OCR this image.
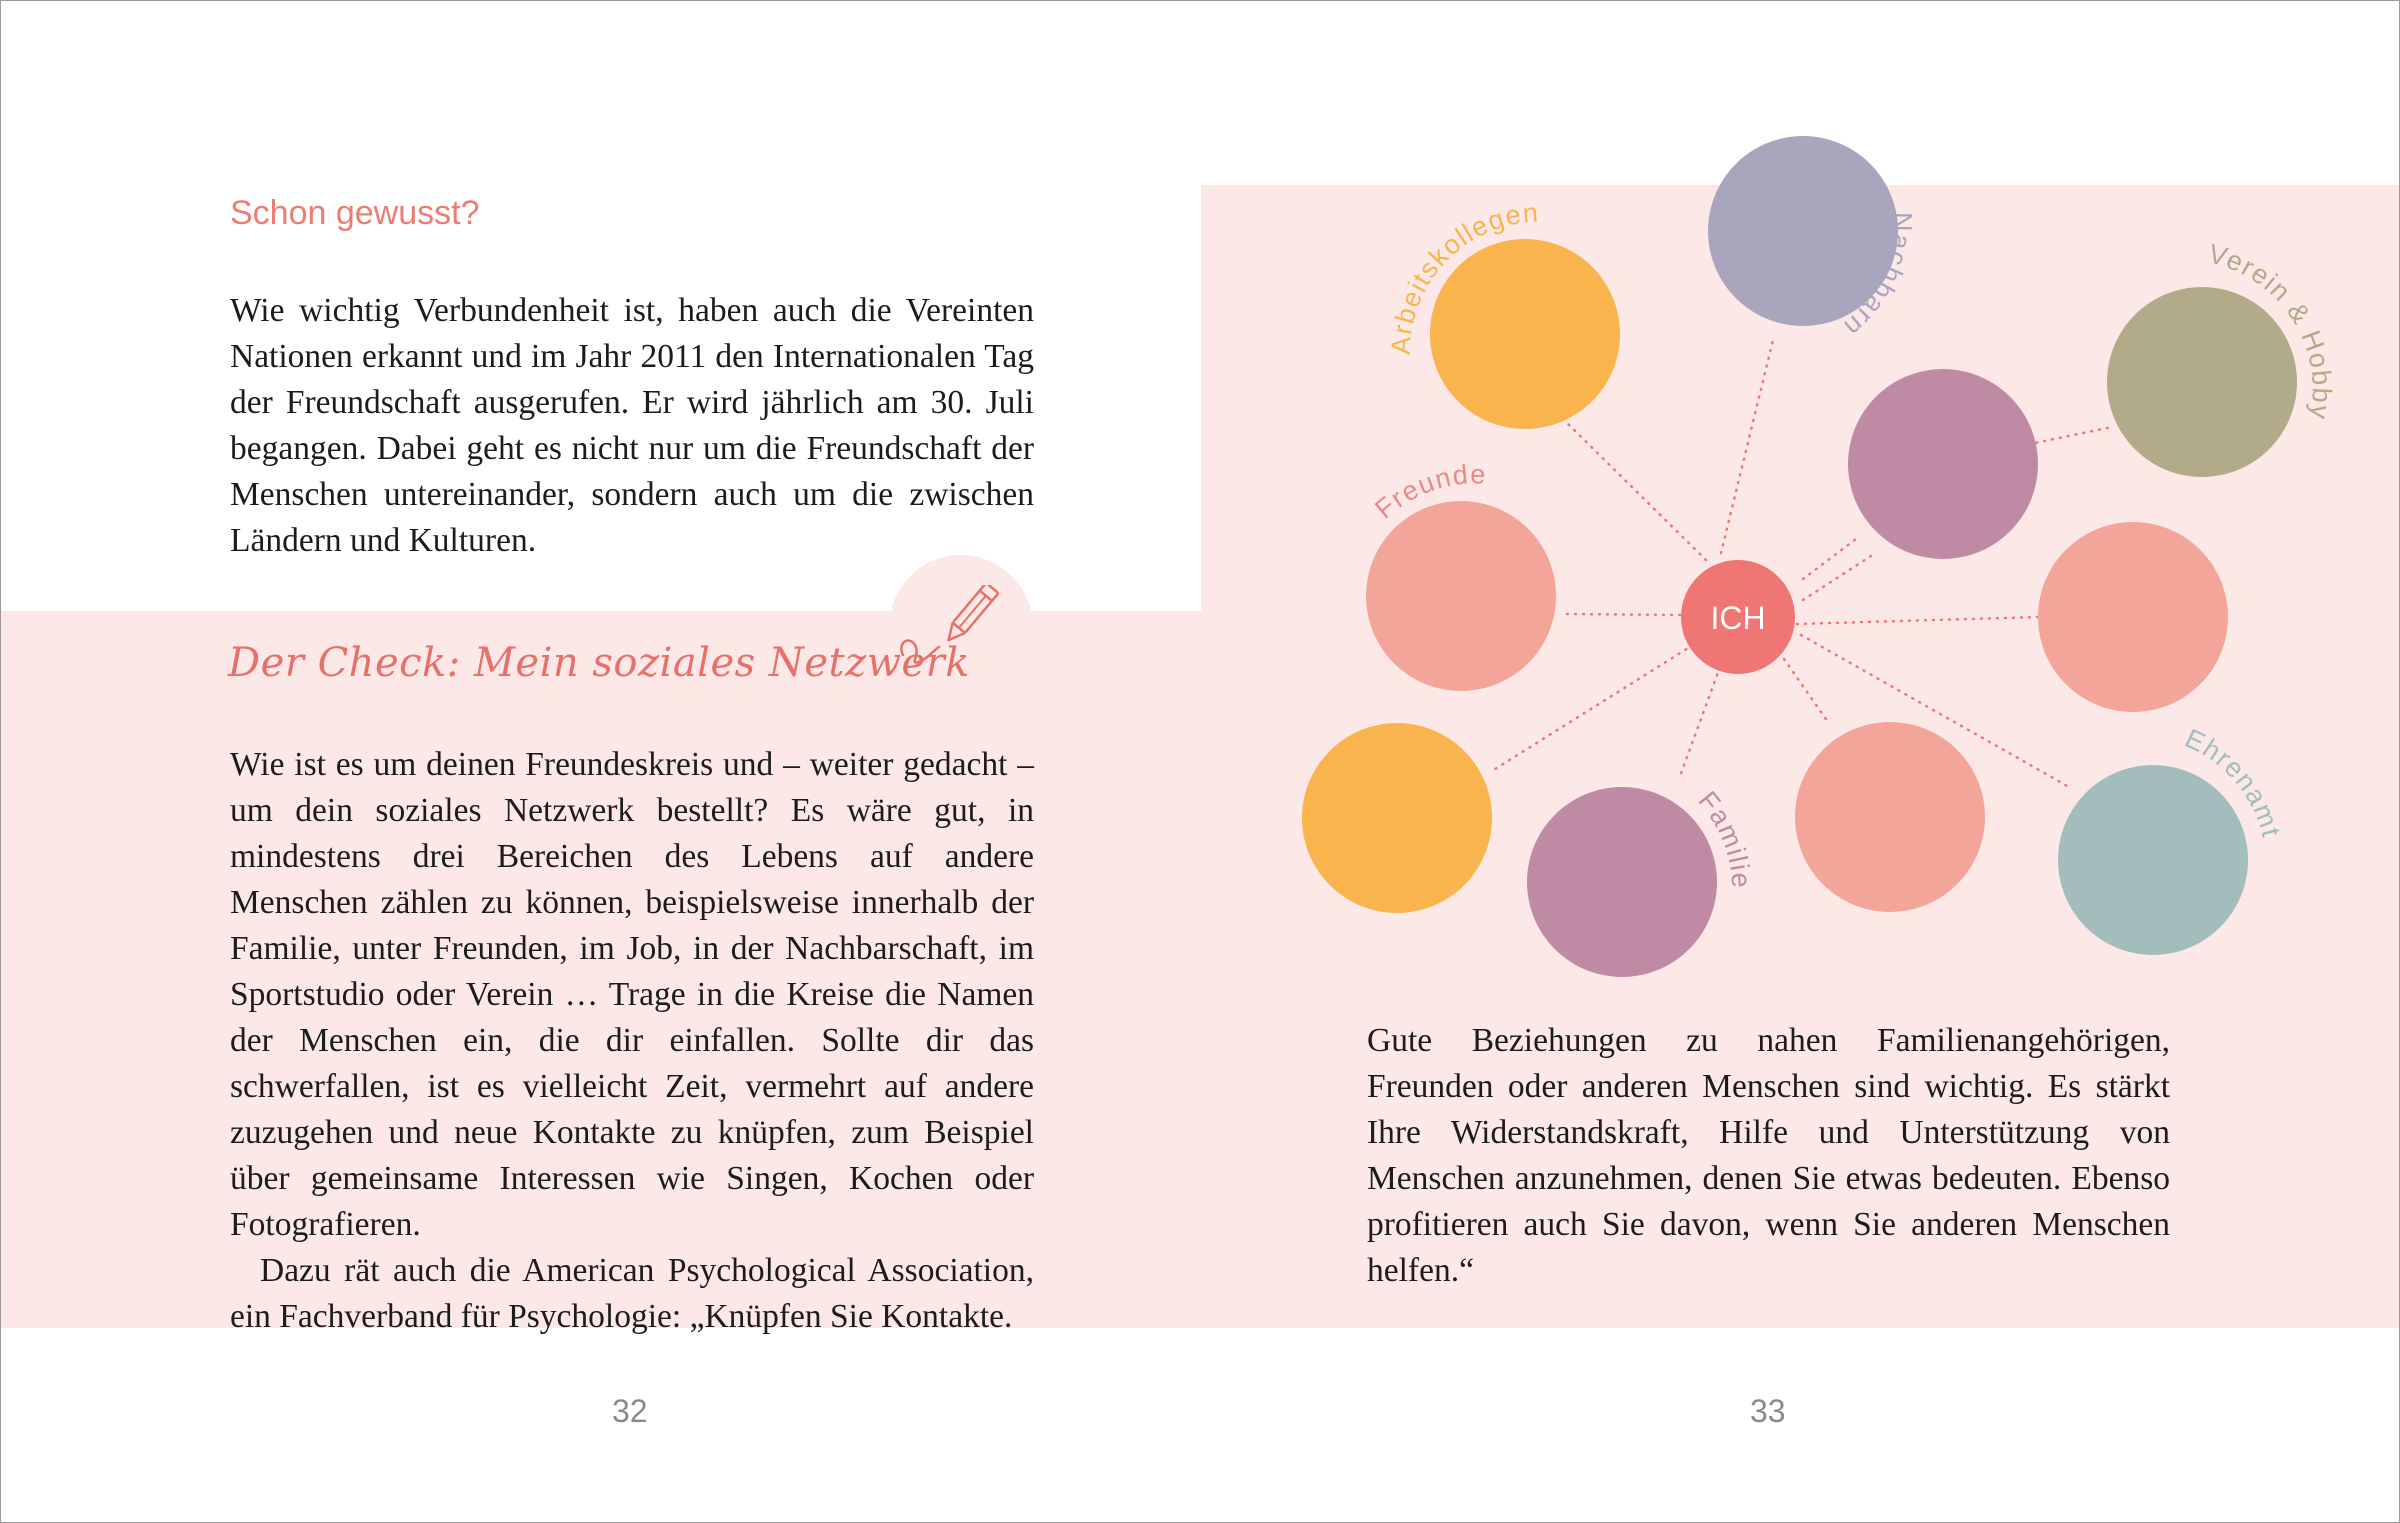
Schon gewusst?

Wie wichtig Verbundenheit ist, haben auch die Vereinten Nationen erkannt und im Jahr 2011 den Internationalen Tag der Freundschaft ausgerufen. Er wird jährlich am 30. Juli begangen. Dabei geht es nicht nur um die Freundschaft der Menschen untereinander, sondern auch um die zwischen Ländern und Kulturen.

Der Check: Mein soziales Netzwerk

Wie ist es um deinen Freundeskreis und – weiter gedacht – um dein soziales Netzwerk bestellt? Es wäre gut, in mindestens drei Bereichen des Lebens auf andere Menschen zählen zu können, beispielsweise innerhalb der Familie, unter Freunden, im Job, in der Nachbarschaft, im Sportstudio oder Verein … Trage in die Kreise die Namen der Menschen ein, die dir einfallen. Sollte dir das schwerfallen, ist es vielleicht Zeit, vermehrt auf andere zuzugehen und neue Kontakte zu knüpfen, zum Beispiel über gemeinsame Interessen wie Singen, Kochen oder Fotografieren.

Dazu rät auch die American Psychological Association, ein Fachverband für Psychologie: „Knüpfen Sie Kontakte.

32
ICH
Arbeitskollegen	Nachbarn
Verein & Hobby
Freunde
Familie
Ehrenamt

Gute Beziehungen zu nahen Familienangehörigen, Freunden oder anderen Menschen sind wichtig. Es stärkt Ihre Widerstandskraft, Hilfe und Unterstützung von Menschen anzunehmen, denen Sie etwas bedeuten. Ebenso profitieren auch Sie davon, wenn Sie anderen Menschen helfen.“

33
